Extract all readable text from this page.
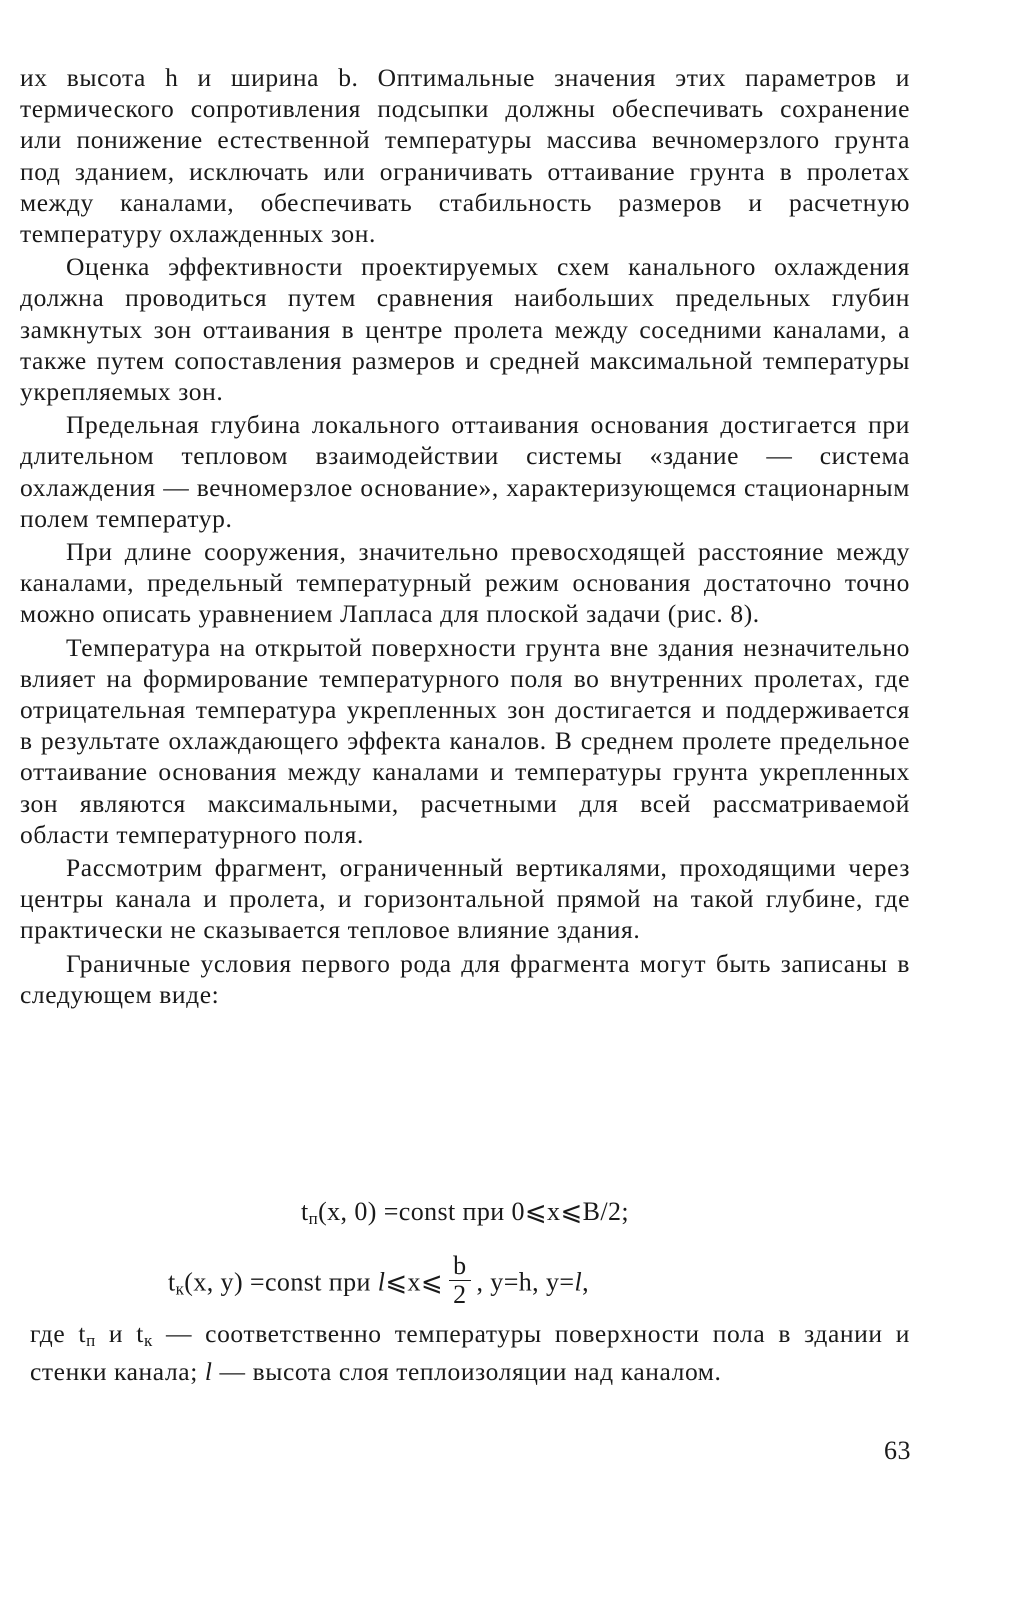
их высота h и ширина b. Оптимальные значения этих параметров и термического сопротивления подсыпки должны обеспечивать сохранение или понижение естественной температуры массива вечномерзлого грунта под зданием, исключать или ограничивать оттаивание грунта в пролетах между каналами, обеспечивать стабильность размеров и расчетную температуру охлажденных зон.

Оценка эффективности проектируемых схем канального охлаждения должна проводиться путем сравнения наибольших предельных глубин замкнутых зон оттаивания в центре пролета между соседними каналами, а также путем сопоставления размеров и средней максимальной температуры укрепляемых зон.

Предельная глубина локального оттаивания основания достигается при длительном тепловом взаимодействии системы «здание — система охлаждения — вечномерзлое основание», характеризующемся стационарным полем температур.

При длине сооружения, значительно превосходящей расстояние между каналами, предельный температурный режим основания достаточно точно можно описать уравнением Лапласа для плоской задачи (рис. 8).

Температура на открытой поверхности грунта вне здания незначительно влияет на формирование температурного поля во внутренних пролетах, где отрицательная температура укрепленных зон достигается и поддерживается в результате охлаждающего эффекта каналов. В среднем пролете предельное оттаивание основания между каналами и температуры грунта укрепленных зон являются максимальными, расчетными для всей рассматриваемой области температурного поля.

Рассмотрим фрагмент, ограниченный вертикалями, проходящими через центры канала и пролета, и горизонтальной прямой на такой глубине, где практически не сказывается тепловое влияние здания.

Граничные условия первого рода для фрагмента могут быть записаны в следующем виде:

$t_п(x$, 0) =const при 0⩽x⩽B/2;
$t_к(x$, y) =const при l⩽x⩽ $\frac{b}{2}$ , y=h, y=l,
где $t_п$ и $t_к$ — соответственно температуры поверхности пола в здании и стенки канала; l — высота слоя теплоизоляции над каналом.
63
